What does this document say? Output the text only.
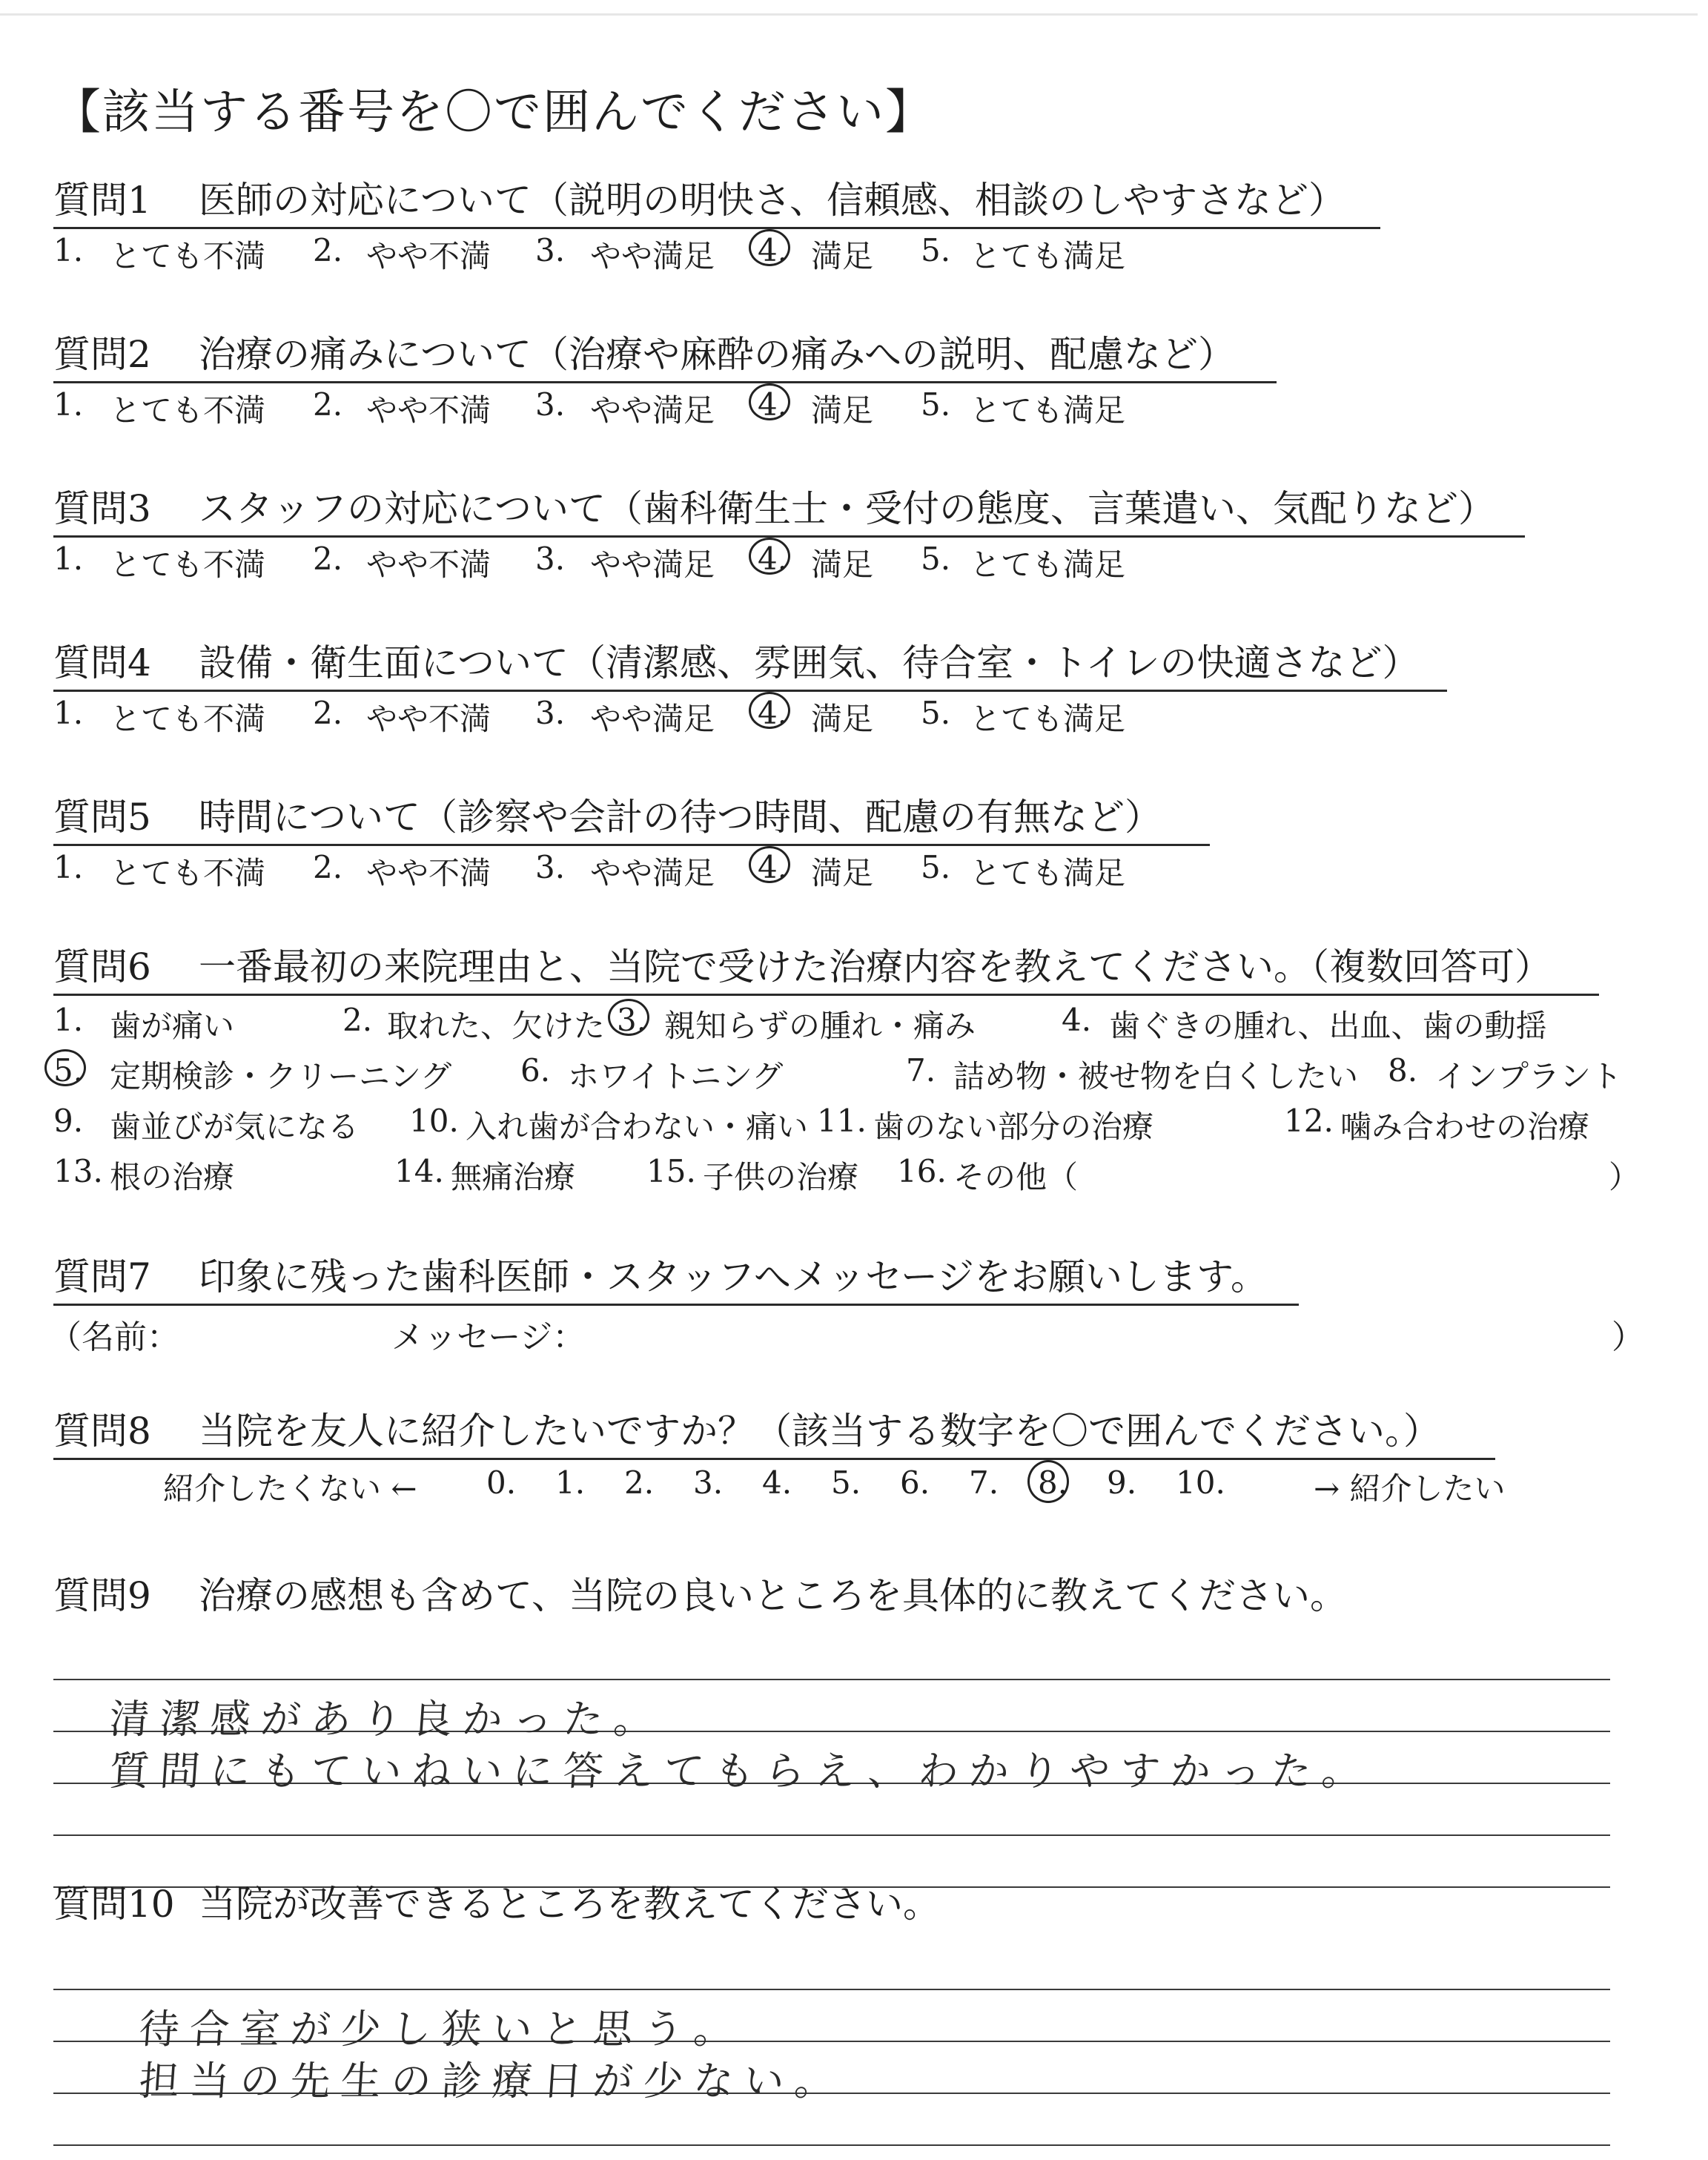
【該当する番号を〇で囲んでください】
質問1 医師の対応について（説明の明快さ、信頼感、相談のしやすさなど）
1. とても不満 2. やや不満 3. やや満足 4. 満足 5. とても満足
質問2 治療の痛みについて（治療や麻酔の痛みへの説明、配慮など）
1. とても不満 2. やや不満 3. やや満足 4. 満足 5. とても満足
質問3 スタッフの対応について（歯科衛生士・受付の態度、言葉遣い、気配りなど）
1. とても不満 2. やや不満 3. やや満足 4. 満足 5. とても満足
質問4 設備・衛生面について（清潔感、雰囲気、待合室・トイレの快適さなど）
1. とても不満 2. やや不満 3. やや満足 4. 満足 5. とても満足
質問5 時間について（診察や会計の待つ時間、配慮の有無など）
1. とても不満 2. やや不満 3. やや満足 4. 満足 5. とても満足
質問6 一番最初の来院理由と、当院で受けた治療内容を教えてください。（複数回答可）
1. 歯が痛い	2. 取れた、欠けた 3. 親知らずの腫れ・痛み	4. 歯ぐきの腫れ、出血、歯の動揺
5. 定期検診・クリーニング 6. ホワイトニング	7. 詰め物・被せ物を白くしたい 8. インプラント
9. 歯並びが気になる 10. 入れ歯が合わない・痛い 11. 歯のない部分の治療	12. 噛み合わせの治療
13. 根の治療	14. 無痛治療 15. 子供の治療 16. その他（	）
質問7 印象に残った歯科医師・スタッフへメッセージをお願いします。
（名前：	メッセージ：	）
質問8 当院を友人に紹介したいですか？（該当する数字を〇で囲んでください。）
紹介したくない ←	→ 紹介したい
0. 1. 2. 3. 4. 5. 6. 7. 8. 9. 10.
質問9 治療の感想も含めて、当院の良いところを具体的に教えてください。
清潔感があり良かった。
質問にもていねいに答えてもらえ、わかりやすかった。
質問10 当院が改善できるところを教えてください。
待合室が少し狭いと思う。
担当の先生の診療日が少ない。
